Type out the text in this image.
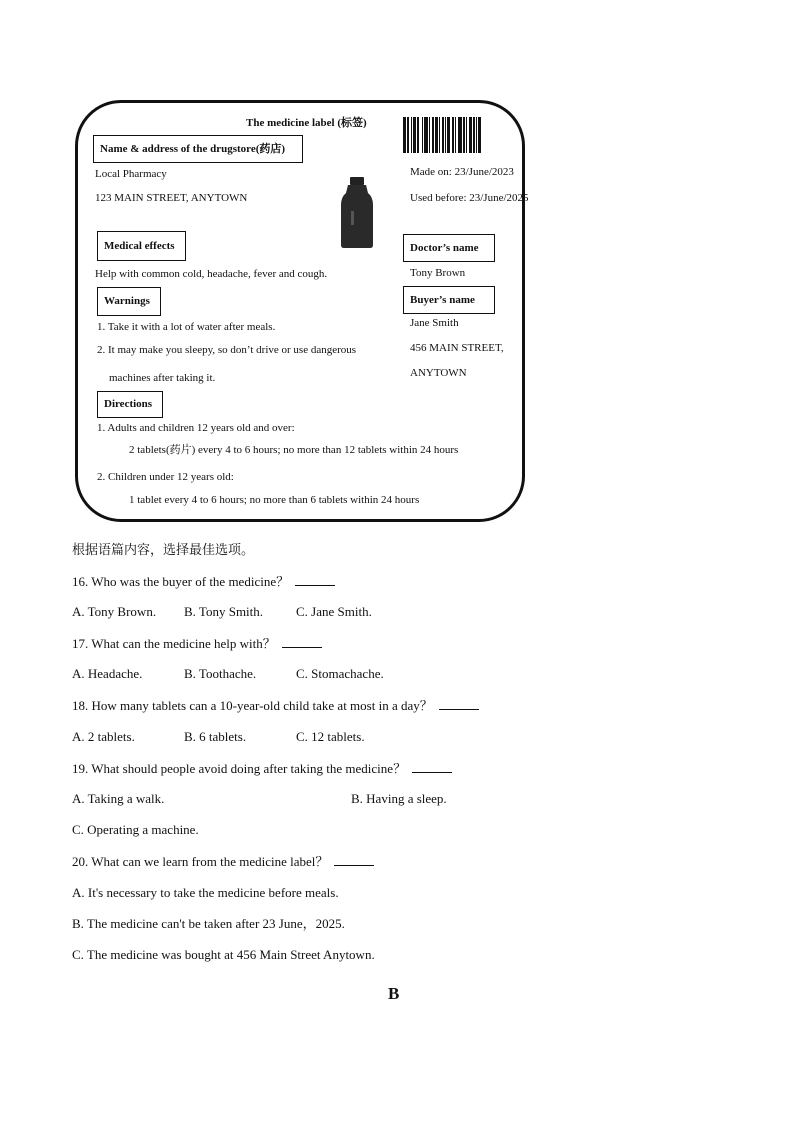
The medicine label (标签)
Name & address of the drugstore(药店)
Local Pharmacy
123 MAIN STREET, ANYTOWN
Made on: 23/June/2023
Used before: 23/June/2025
Medical effects
Help with common cold, headache, fever and cough.
Doctor’s name
Tony Brown
Buyer’s name
Jane Smith
456 MAIN STREET,
ANYTOWN
Warnings
1. Take it with a lot of water after meals.
2. It may make you sleepy, so don’t drive or use dangerous
machines after taking it.
Directions
1. Adults and children 12 years old and over:
2 tablets(药片) every 4 to 6 hours; no more than 12 tablets within 24 hours
2. Children under 12 years old:
1 tablet every 4 to 6 hours; no more than 6 tablets within 24 hours
根据语篇内容，选择最佳选项。
16. Who was the buyer of the medicine？
A. Tony Brown. B. Tony Smith.	C. Jane Smith.
17. What can the medicine help with？
A. Headache.	B. Toothache.	C. Stomachache.
18. How many tablets can a 10-year-old child take at most in a day？
A. 2 tablets.	B. 6 tablets.	C. 12 tablets.
19. What should people avoid doing after taking the medicine？
A. Taking a walk.	B. Having a sleep.
C. Operating a machine.
20. What can we learn from the medicine label？
A. It's necessary to take the medicine before meals.
B. The medicine can't be taken after 23 June，2025.
C. The medicine was bought at 456 Main Street Anytown.
B
